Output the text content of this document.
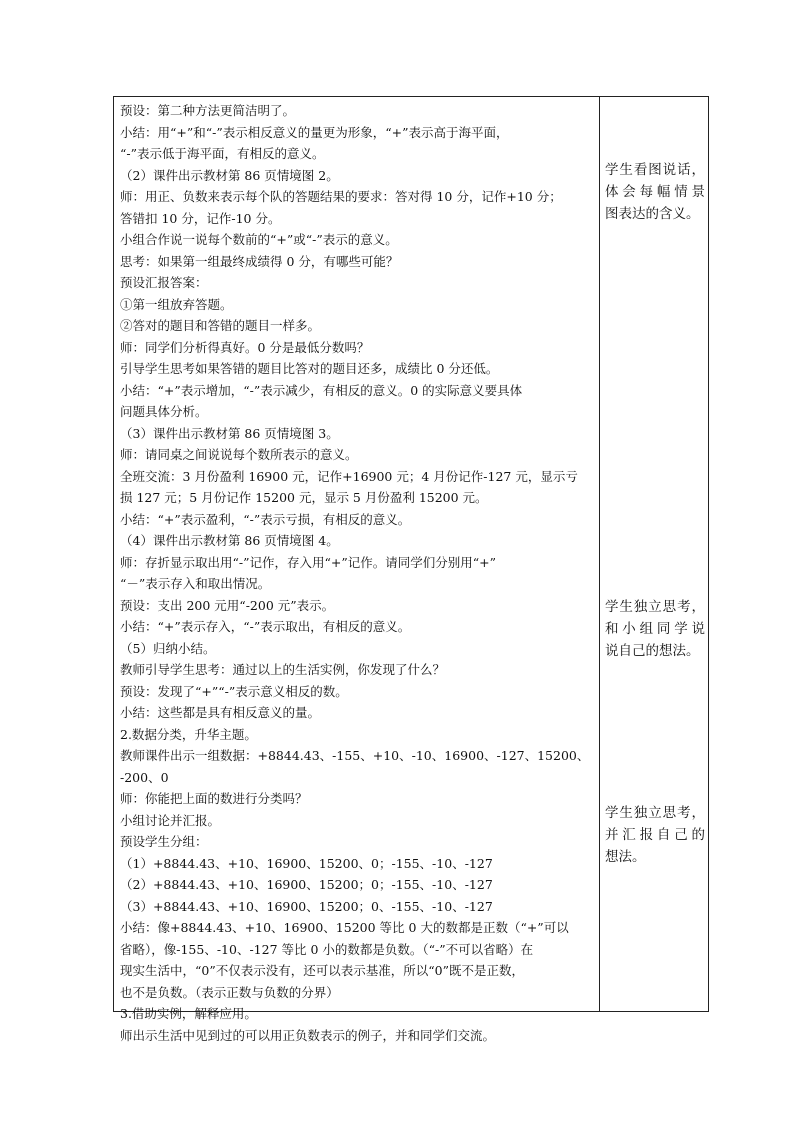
预设：第二种方法更简洁明了。
小结：用“+”和“-”表示相反意义的量更为形象，“+”表示高于海平面，
“-”表示低于海平面，有相反的意义。
（2）课件出示教材第 86 页情境图 2。
师：用正、负数来表示每个队的答题结果的要求：答对得 10 分，记作+10 分；
答错扣 10 分，记作-10 分。
小组合作说一说每个数前的“+”或“-”表示的意义。
思考：如果第一组最终成绩得 0 分，有哪些可能？
预设汇报答案：
①第一组放弃答题。
②答对的题目和答错的题目一样多。
师：同学们分析得真好。0 分是最低分数吗？
引导学生思考如果答错的题目比答对的题目还多，成绩比 0 分还低。
小结：“+”表示增加，“-”表示减少，有相反的意义。0 的实际意义要具体
问题具体分析。
（3）课件出示教材第 86 页情境图 3。
师：请同桌之间说说每个数所表示的意义。
全班交流：3 月份盈利 16900 元，记作+16900 元；4 月份记作-127 元，显示亏
损 127 元；5 月份记作 15200 元，显示 5 月份盈利 15200 元。
小结：“+”表示盈利，“-”表示亏损，有相反的意义。
（4）课件出示教材第 86 页情境图 4。
师：存折显示取出用“-”记作，存入用“+”记作。请同学们分别用“+”
“－”表示存入和取出情况。
预设：支出 200 元用“-200 元”表示。
小结：“+”表示存入，“-”表示取出，有相反的意义。
（5）归纳小结。
教师引导学生思考：通过以上的生活实例，你发现了什么？
预设：发现了“+”“-”表示意义相反的数。
小结：这些都是具有相反意义的量。
2.数据分类，升华主题。
教师课件出示一组数据：+8844.43、-155、+10、-10、16900、-127、15200、
-200、0
师：你能把上面的数进行分类吗？
小组讨论并汇报。
预设学生分组：
（1）+8844.43、+10、16900、15200、0；-155、-10、-127
（2）+8844.43、+10、16900、15200；0；-155、-10、-127
（3）+8844.43、+10、16900、15200；0、-155、-10、-127
小结：像+8844.43、+10、16900、15200 等比 0 大的数都是正数（“+”可以
省略），像-155、-10、-127 等比 0 小的数都是负数。（“-”不可以省略）在
现实生活中，“0”不仅表示没有，还可以表示基准，所以“0”既不是正数，
也不是负数。（表示正数与负数的分界）
3.借助实例，解释应用。
师出示生活中见到过的可以用正负数表示的例子，并和同学们交流。
学生看图说话，
体会每幅情景
图表达的含义。
学生独立思考，
和小组同学说
说自己的想法。
学生独立思考，
并汇报自己的
想法。
